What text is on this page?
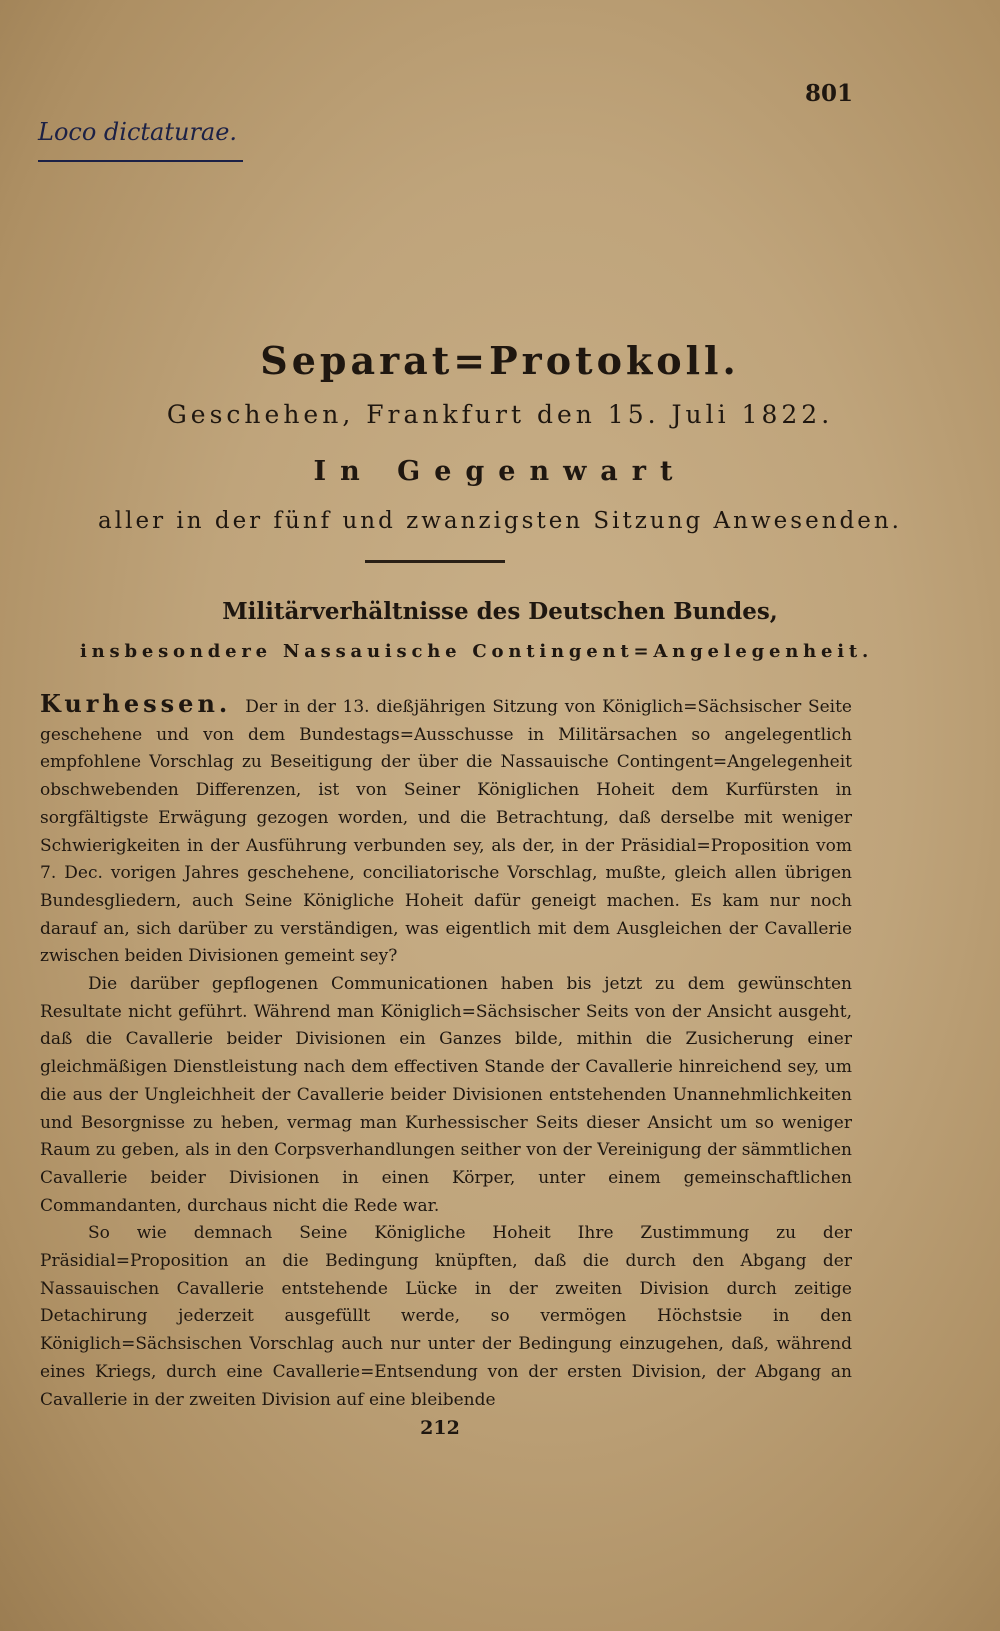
801
Loco dictaturae.
Separat=Protokoll.
Geschehen, Frankfurt den 15. Juli 1822.
In Gegenwart
aller in der fünf und zwanzigsten Sitzung Anwesenden.
Militärverhältnisse des Deutschen Bundes,
insbesondere Nassauische Contingent=Angelegenheit.

Kurhessen. Der in der 13. dießjährigen Sitzung von Königlich=Sächsischer Seite geschehene und von dem Bundestags=Ausschusse in Militärsachen so angelegentlich empfohlene Vorschlag zu Beseitigung der über die Nassauische Contingent=Angelegenheit obschwebenden Differenzen, ist von Seiner Königlichen Hoheit dem Kurfürsten in sorgfältigste Erwägung gezogen worden, und die Betrachtung, daß derselbe mit weniger Schwierigkeiten in der Ausführung verbunden sey, als der, in der Präsidial=Proposition vom 7. Dec. vorigen Jahres geschehene, conciliatorische Vorschlag, mußte, gleich allen übrigen Bundesgliedern, auch Seine Königliche Hoheit dafür geneigt machen. Es kam nur noch darauf an, sich darüber zu verständigen, was eigentlich mit dem Ausgleichen der Cavallerie zwischen beiden Divisionen gemeint sey?

Die darüber gepflogenen Communicationen haben bis jetzt zu dem gewünschten Resultate nicht geführt. Während man Königlich=Sächsischer Seits von der Ansicht ausgeht, daß die Cavallerie beider Divisionen ein Ganzes bilde, mithin die Zusicherung einer gleichmäßigen Dienstleistung nach dem effectiven Stande der Cavallerie hinreichend sey, um die aus der Ungleichheit der Cavallerie beider Divisionen entstehenden Unannehmlichkeiten und Besorgnisse zu heben, vermag man Kurhessischer Seits dieser Ansicht um so weniger Raum zu geben, als in den Corpsverhandlungen seither von der Vereinigung der sämmtlichen Cavallerie beider Divisionen in einen Körper, unter einem gemeinschaftlichen Commandanten, durchaus nicht die Rede war.

So wie demnach Seine Königliche Hoheit Ihre Zustimmung zu der Präsidial=Proposition an die Bedingung knüpften, daß die durch den Abgang der Nassauischen Cavallerie entstehende Lücke in der zweiten Division durch zeitige Detachirung jederzeit ausgefüllt werde, so vermögen Höchstsie in den Königlich=Sächsischen Vorschlag auch nur unter der Bedingung einzugehen, daß, während eines Kriegs, durch eine Cavallerie=Entsendung von der ersten Division, der Abgang an Cavallerie in der zweiten Division auf eine bleibende

212
